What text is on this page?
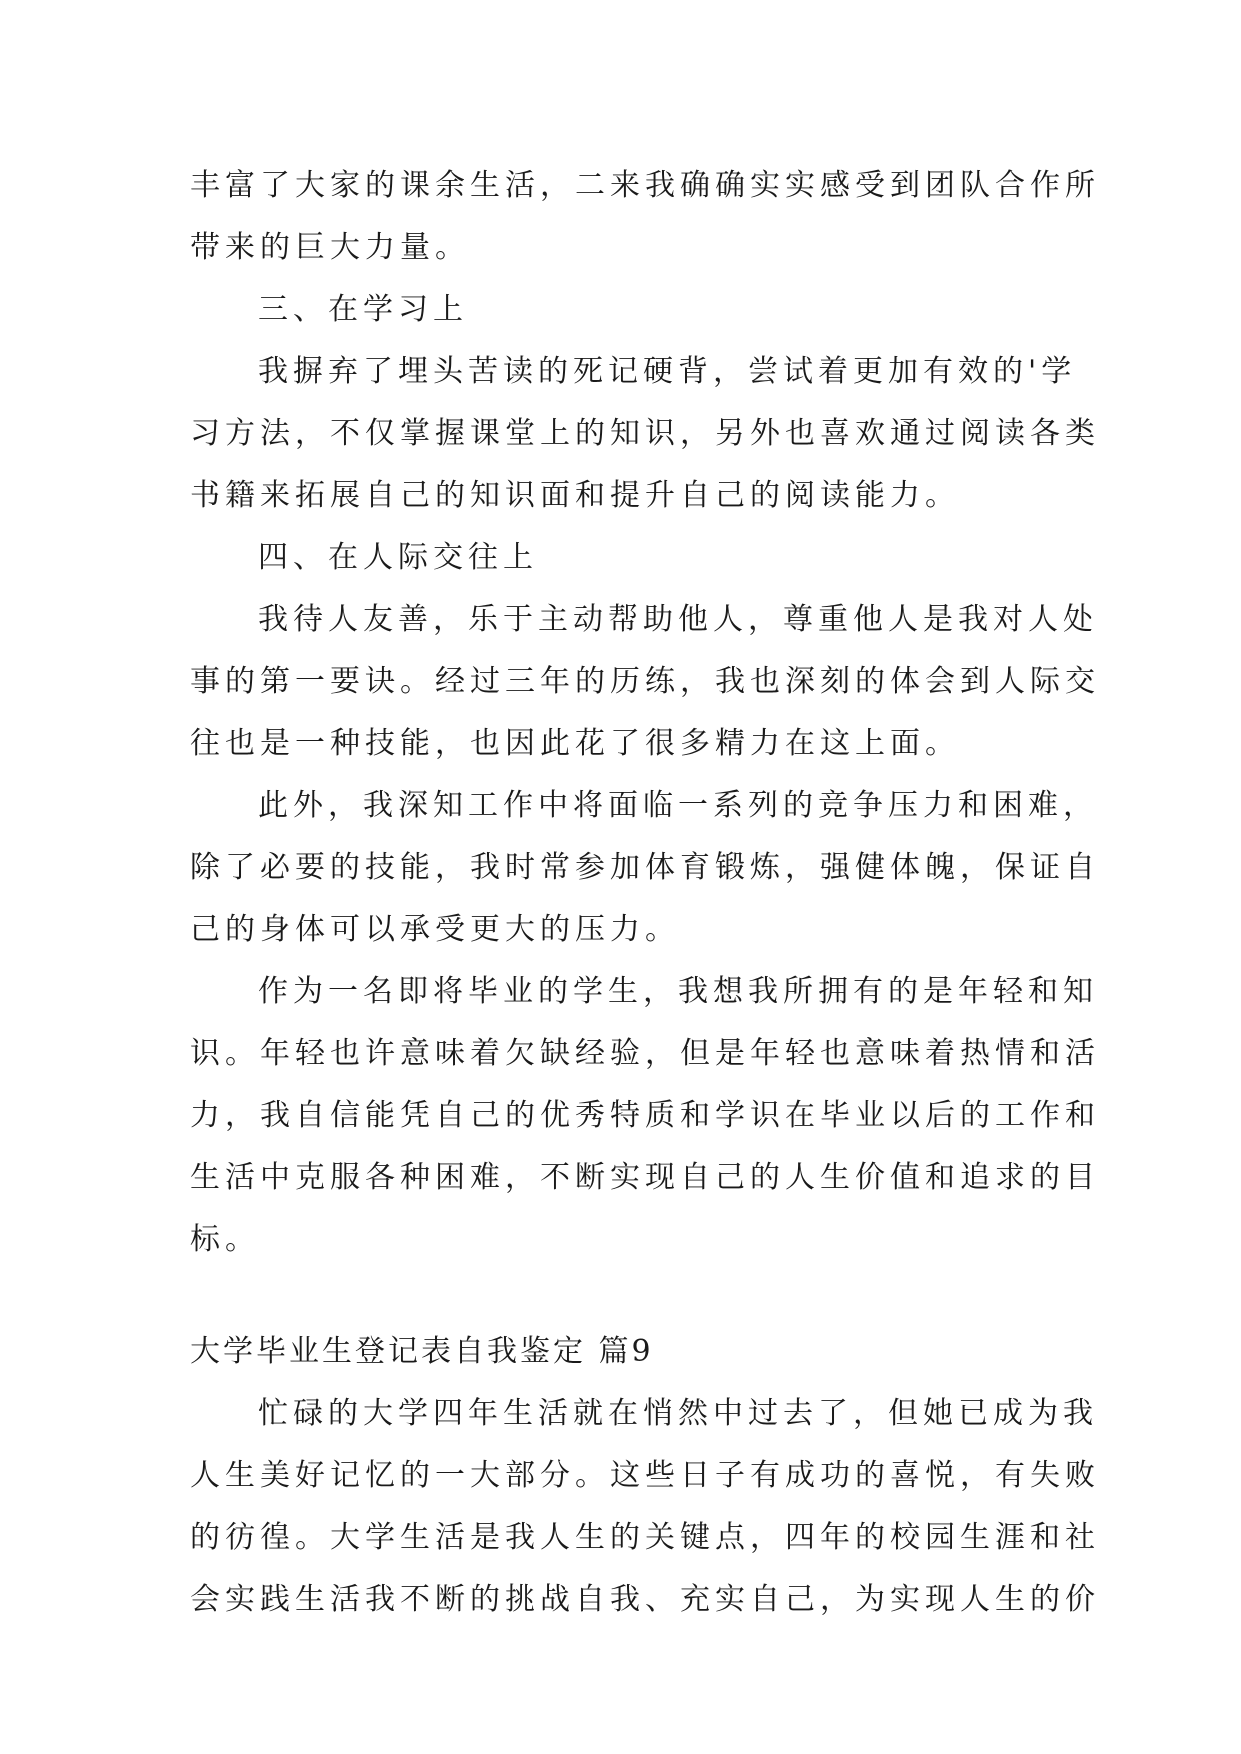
丰富了大家的课余生活，二来我确确实实感受到团队合作所
带来的巨大力量。
三、在学习上
我摒弃了埋头苦读的死记硬背，尝试着更加有效的'学
习方法，不仅掌握课堂上的知识，另外也喜欢通过阅读各类
书籍来拓展自己的知识面和提升自己的阅读能力。
四、在人际交往上
我待人友善，乐于主动帮助他人，尊重他人是我对人处
事的第一要诀。经过三年的历练，我也深刻的体会到人际交
往也是一种技能，也因此花了很多精力在这上面。
此外，我深知工作中将面临一系列的竞争压力和困难，
除了必要的技能，我时常参加体育锻炼，强健体魄，保证自
己的身体可以承受更大的压力。
作为一名即将毕业的学生，我想我所拥有的是年轻和知
识。年轻也许意味着欠缺经验，但是年轻也意味着热情和活
力，我自信能凭自己的优秀特质和学识在毕业以后的工作和
生活中克服各种困难，不断实现自己的人生价值和追求的目
标。
大学毕业生登记表自我鉴定 篇9
忙碌的大学四年生活就在悄然中过去了，但她已成为我
人生美好记忆的一大部分。这些日子有成功的喜悦，有失败
的彷徨。大学生活是我人生的关键点，四年的校园生涯和社
会实践生活我不断的挑战自我、充实自己，为实现人生的价
